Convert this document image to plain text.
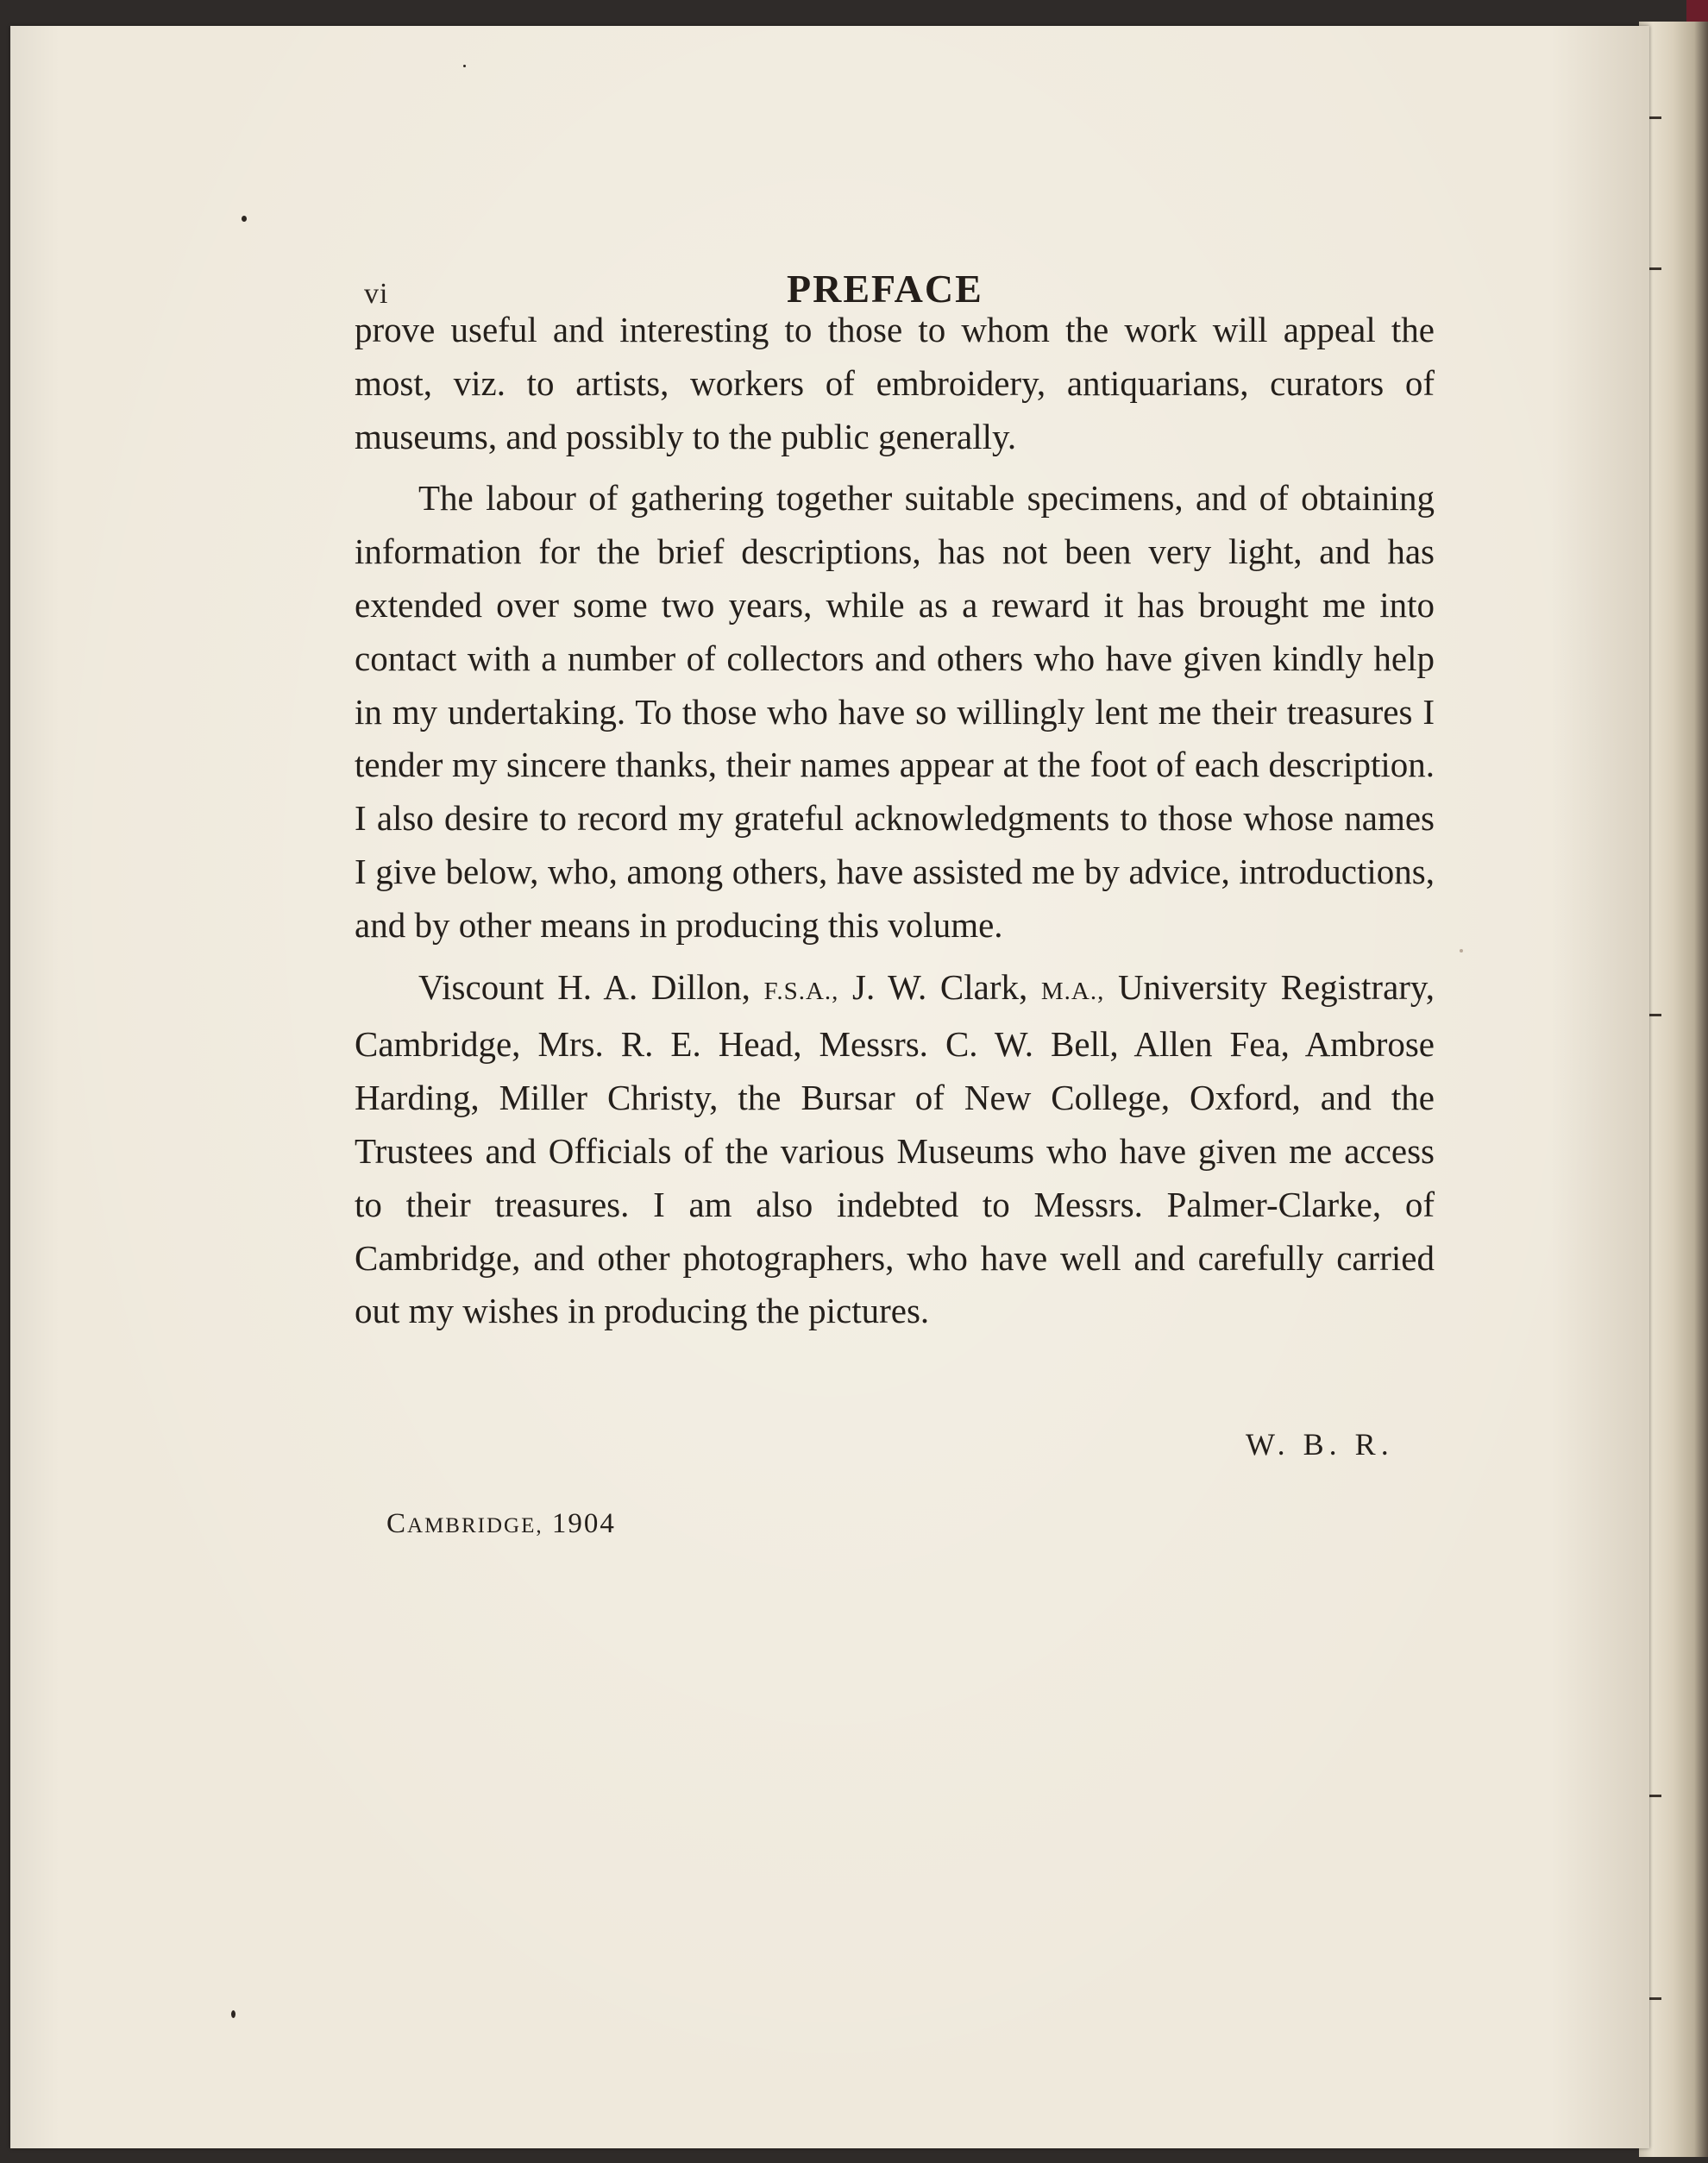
vi	PREFACE

prove useful and interesting to those to whom the work will appeal the most, viz. to artists, workers of embroidery, antiquarians, curators of museums, and possibly to the public generally.

The labour of gathering together suitable specimens, and of obtaining information for the brief descriptions, has not been very light, and has extended over some two years, while as a reward it has brought me into contact with a number of collectors and others who have given kindly help in my undertaking. To those who have so willingly lent me their treasures I tender my sincere thanks, their names appear at the foot of each description. I also desire to record my grateful acknowledgments to those whose names I give below, who, among others, have assisted me by advice, introductions, and by other means in producing this volume.

Viscount H. A. Dillon, F.S.A., J. W. Clark, M.A., University Registrary, Cambridge, Mrs. R. E. Head, Messrs. C. W. Bell, Allen Fea, Ambrose Harding, Miller Christy, the Bursar of New College, Oxford, and the Trustees and Officials of the various Museums who have given me access to their treasures. I am also indebted to Messrs. Palmer-Clarke, of Cambridge, and other photographers, who have well and carefully carried out my wishes in producing the pictures.

W. B. R.
CAMBRIDGE, 1904
